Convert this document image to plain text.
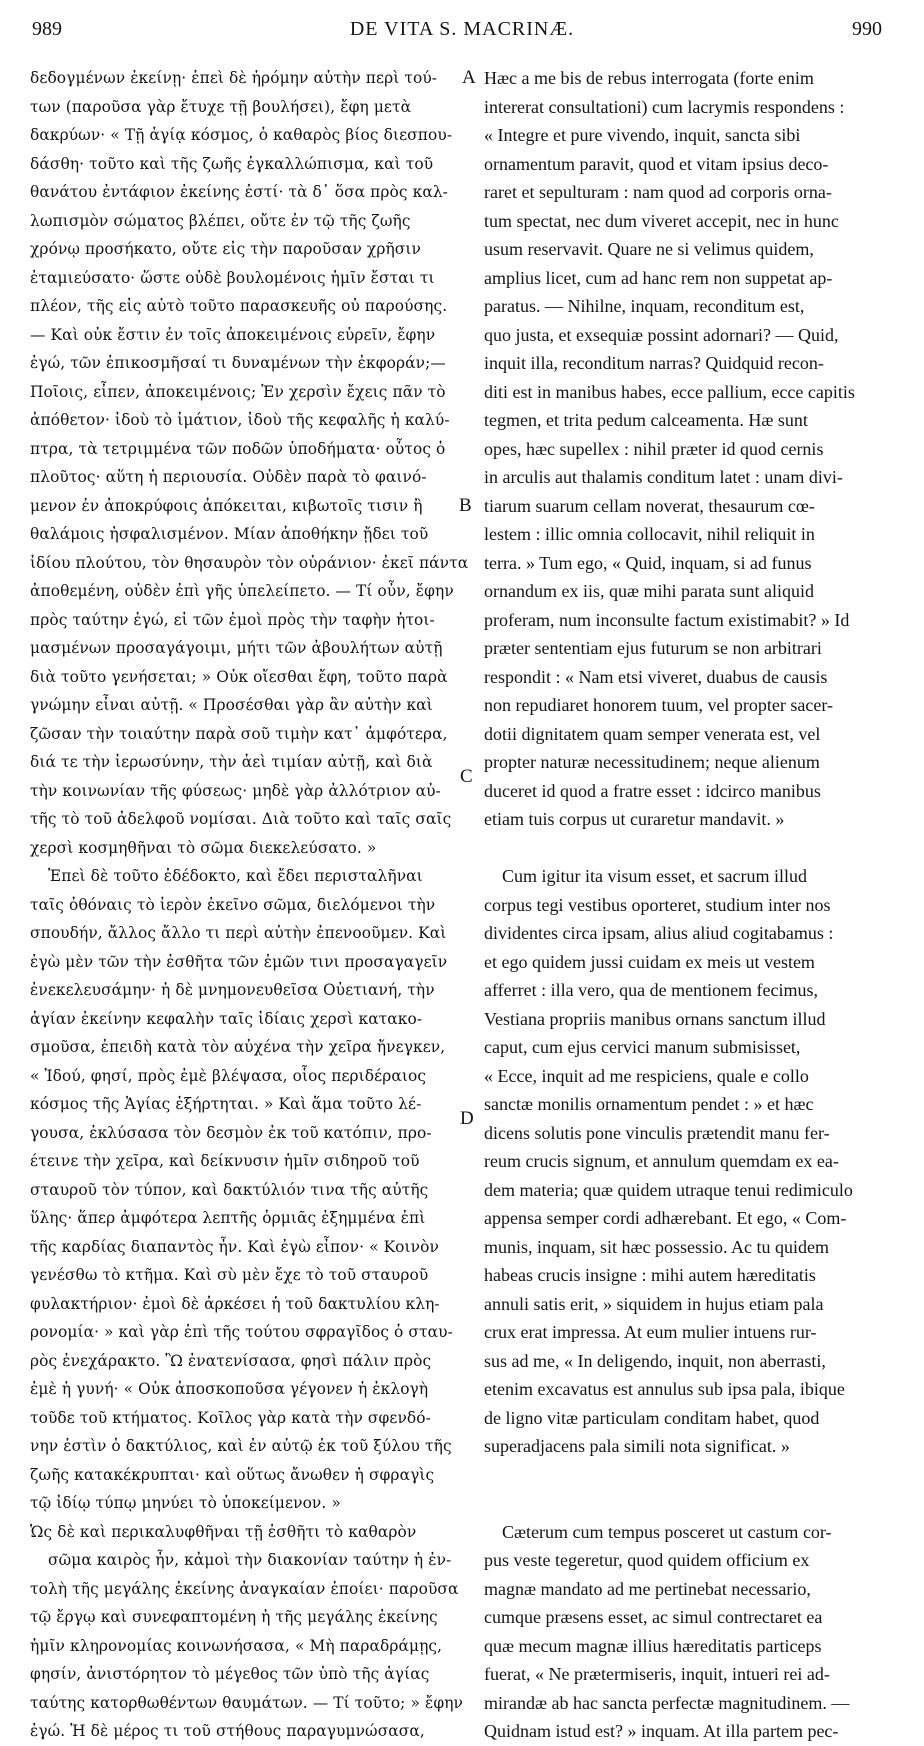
989	DE VITA S. MACRINÆ.	990
δεδογμένων ἐκείνῃ· ἐπεὶ δὲ ἠρόμην αὐτὴν περὶ τού-
των (παροῦσα γὰρ ἔτυχε τῇ βουλήσει), ἔφη μετὰ
δακρύων· « Τῇ ἁγίᾳ κόσμος, ὁ καθαρὸς βίος διεσπου-
δάσθη· τοῦτο καὶ τῆς ζωῆς ἐγκαλλώπισμα, καὶ τοῦ
θανάτου ἐντάφιον ἐκείνης ἐστί· τὰ δ᾽ ὅσα πρὸς καλ-
λωπισμὸν σώματος βλέπει, οὔτε ἐν τῷ τῆς ζωῆς
χρόνῳ προσήκατο, οὔτε εἰς τὴν παροῦσαν χρῆσιν
ἐταμιεύσατο· ὥστε οὐδὲ βουλομένοις ἡμῖν ἔσται τι
πλέον, τῆς εἰς αὐτὸ τοῦτο παρασκευῆς οὐ παρούσης.
— Καὶ οὐκ ἔστιν ἐν τοῖς ἀποκειμένοις εὑρεῖν, ἔφην
ἐγώ, τῶν ἐπικοσμῆσαί τι δυναμένων τὴν ἐκφοράν;—
Ποῖοις, εἶπεν, ἀποκειμένοις; Ἐν χερσὶν ἔχεις πᾶν τὸ
ἀπόθετον· ἰδοὺ τὸ ἱμάτιον, ἰδοὺ τῆς κεφαλῆς ἡ καλύ-
πτρα, τὰ τετριμμένα τῶν ποδῶν ὑποδήματα· οὗτος ὁ
πλοῦτος· αὕτη ἡ περιουσία. Οὐδὲν παρὰ τὸ φαινό-
μενον ἐν ἀποκρύφοις ἀπόκειται, κιβωτοῖς τισιν ἢ
θαλάμοις ἠσφαλισμένον. Μίαν ἀποθήκην ᾔδει τοῦ
ἰδίου πλούτου, τὸν θησαυρὸν τὸν οὐράνιον· ἐκεῖ πάντα
ἀποθεμένη, οὐδὲν ἐπὶ γῆς ὑπελείπετο. — Τί οὖν, ἔφην
πρὸς ταύτην ἐγώ, εἰ τῶν ἐμοὶ πρὸς τὴν ταφὴν ἡτοι-
μασμένων προσαγάγοιμι, μήτι τῶν ἀβουλήτων αὐτῇ
διὰ τοῦτο γενήσεται; » Οὐκ οἴεσθαι ἔφη, τοῦτο παρὰ
γνώμην εἶναι αὐτῇ. « Προσέσθαι γὰρ ἂν αὐτὴν καὶ
ζῶσαν τὴν τοιαύτην παρὰ σοῦ τιμὴν κατ᾽ ἀμφότερα,
διά τε τὴν ἱερωσύνην, τὴν ἀεὶ τιμίαν αὐτῇ, καὶ διὰ
τὴν κοινωνίαν τῆς φύσεως· μηδὲ γὰρ ἀλλότριον αὐ-
τῆς τὸ τοῦ ἀδελφοῦ νομίσαι. Διὰ τοῦτο καὶ ταῖς σαῖς
χερσὶ κοσμηθῆναι τὸ σῶμα διεκελεύσατο. »
Ἐπεὶ δὲ τοῦτο ἐδέδοκτο, καὶ ἔδει περισταλῆναι
ταῖς ὀθόναις τὸ ἱερὸν ἐκεῖνο σῶμα, διελόμενοι τὴν
σπουδήν, ἄλλος ἄλλο τι περὶ αὐτὴν ἐπενοοῦμεν. Καὶ
ἐγὼ μὲν τῶν τὴν ἐσθῆτα τῶν ἐμῶν τινι προσαγαγεῖν
ἐνεκελευσάμην· ἡ δὲ μνημονευθεῖσα Οὐετιανή, τὴν
ἁγίαν ἐκείνην κεφαλὴν ταῖς ἰδίαις χερσὶ κατακο-
σμοῦσα, ἐπειδὴ κατὰ τὸν αὐχένα τὴν χεῖρα ἤνεγκεν,
« Ἰδού, φησί, πρὸς ἐμὲ βλέψασα, οἷος περιδέραιος
κόσμος τῆς Ἁγίας ἐξήρτηται. » Καὶ ἅμα τοῦτο λέ-
γουσα, ἐκλύσασα τὸν δεσμὸν ἐκ τοῦ κατόπιν, προ-
έτεινε τὴν χεῖρα, καὶ δείκνυσιν ἡμῖν σιδηροῦ τοῦ
σταυροῦ τὸν τύπον, καὶ δακτύλιόν τινα τῆς αὐτῆς
ὕλης· ἅπερ ἀμφότερα λεπτῆς ὁρμιᾶς ἐξημμένα ἐπὶ
τῆς καρδίας διαπαντὸς ἦν. Καὶ ἐγὼ εἶπον· « Κοινὸν
γενέσθω τὸ κτῆμα. Καὶ σὺ μὲν ἔχε τὸ τοῦ σταυροῦ
φυλακτήριον· ἐμοὶ δὲ ἀρκέσει ἡ τοῦ δακτυλίου κλη-
ρονομία· » καὶ γὰρ ἐπὶ τῆς τούτου σφραγῖδος ὁ σταυ-
ρὸς ἐνεχάρακτο. Ὣ ἐνατενίσασα, φησὶ πάλιν πρὸς
ἐμὲ ἡ γυνή· « Οὐκ ἀποσκοποῦσα γέγονεν ἡ ἐκλογὴ
τοῦδε τοῦ κτήματος. Κοῖλος γὰρ κατὰ τὴν σφενδό-
νην ἐστὶν ὁ δακτύλιος, καὶ ἐν αὐτῷ ἐκ τοῦ ξύλου τῆς
ζωῆς κατακέκρυπται· καὶ οὕτως ἄνωθεν ἡ σφραγὶς
τῷ ἰδίῳ τύπῳ μηνύει τὸ ὑποκείμενον. »
Ὡς δὲ καὶ περικαλυφθῆναι τῇ ἐσθῆτι τὸ καθαρὸν
σῶμα καιρὸς ἦν, κἀμοὶ τὴν διακονίαν ταύτην ἡ ἐν-
τολὴ τῆς μεγάλης ἐκείνης ἀναγκαίαν ἐποίει· παροῦσα
τῷ ἔργῳ καὶ συνεφαπτομένη ἡ τῆς μεγάλης ἐκείνης
ἡμῖν κληρονομίας κοινωνήσασα, « Μὴ παραδράμῃς,
φησίν, ἀνιστόρητον τὸ μέγεθος τῶν ὑπὸ τῆς ἁγίας
ταύτης κατορθωθέντων θαυμάτων. — Τί τοῦτο; » ἔφην
ἐγώ. Ἡ δὲ μέρος τι τοῦ στήθους παραγυμνώσασα,
Hæc a me bis de rebus interrogata (forte enim
intererat consultationi) cum lacrymis respondens :
« Integre et pure vivendo, inquit, sancta sibi
ornamentum paravit, quod et vitam ipsius deco-
raret et sepulturam : nam quod ad corporis orna-
tum spectat, nec dum viveret accepit, nec in hunc
usum reservavit. Quare ne si velimus quidem,
amplius licet, cum ad hanc rem non suppetat ap-
paratus. — Nihilne, inquam, reconditum est,
quo justa, et exsequiæ possint adornari? — Quid,
inquit illa, reconditum narras? Quidquid recon-
diti est in manibus habes, ecce pallium, ecce capitis
tegmen, et trita pedum calceamenta. Hæ sunt
opes, hæc supellex : nihil præter id quod cernis
in arculis aut thalamis conditum latet : unam divi-
tiarum suarum cellam noverat, thesaurum cœ-
lestem : illic omnia collocavit, nihil reliquit in
terra. » Tum ego, « Quid, inquam, si ad funus
ornandum ex iis, quæ mihi parata sunt aliquid
proferam, num inconsulte factum existimabit? » Id
præter sententiam ejus futurum se non arbitrari
respondit : « Nam etsi viveret, duabus de causis
non repudiaret honorem tuum, vel propter sacer-
dotii dignitatem quam semper venerata est, vel
propter naturæ necessitudinem; neque alienum
duceret id quod a fratre esset : idcirco manibus
etiam tuis corpus ut curaretur mandavit. »
Cum igitur ita visum esset, et sacrum illud
corpus tegi vestibus oporteret, studium inter nos
dividentes circa ipsam, alius aliud cogitabamus :
et ego quidem jussi cuidam ex meis ut vestem
afferret : illa vero, qua de mentionem fecimus,
Vestiana propriis manibus ornans sanctum illud
caput, cum ejus cervici manum submisisset,
« Ecce, inquit ad me respiciens, quale e collo
sanctæ monilis ornamentum pendet : » et hæc
dicens solutis pone vinculis prætendit manu fer-
reum crucis signum, et annulum quemdam ex ea-
dem materia; quæ quidem utraque tenui redimiculo
appensa semper cordi adhærebant. Et ego, « Com-
munis, inquam, sit hæc possessio. Ac tu quidem
habeas crucis insigne : mihi autem hæreditatis
annuli satis erit, » siquidem in hujus etiam pala
crux erat impressa. At eum mulier intuens rur-
sus ad me, « In deligendo, inquit, non aberrasti,
etenim excavatus est annulus sub ipsa pala, ibique
de ligno vitæ particulam conditam habet, quod
superadjacens pala simili nota significat. »
Cæterum cum tempus posceret ut castum cor-
pus veste tegeretur, quod quidem officium ex
magnæ mandato ad me pertinebat necessario,
cumque præsens esset, ac simul contrectaret ea
quæ mecum magnæ illius hæreditatis particeps
fuerat, « Ne prætermiseris, inquit, intueri rei ad-
mirandæ ab hac sancta perfectæ magnitudinem. —
Quidnam istud est? » inquam. At illa partem pec-
A
B
C
D
